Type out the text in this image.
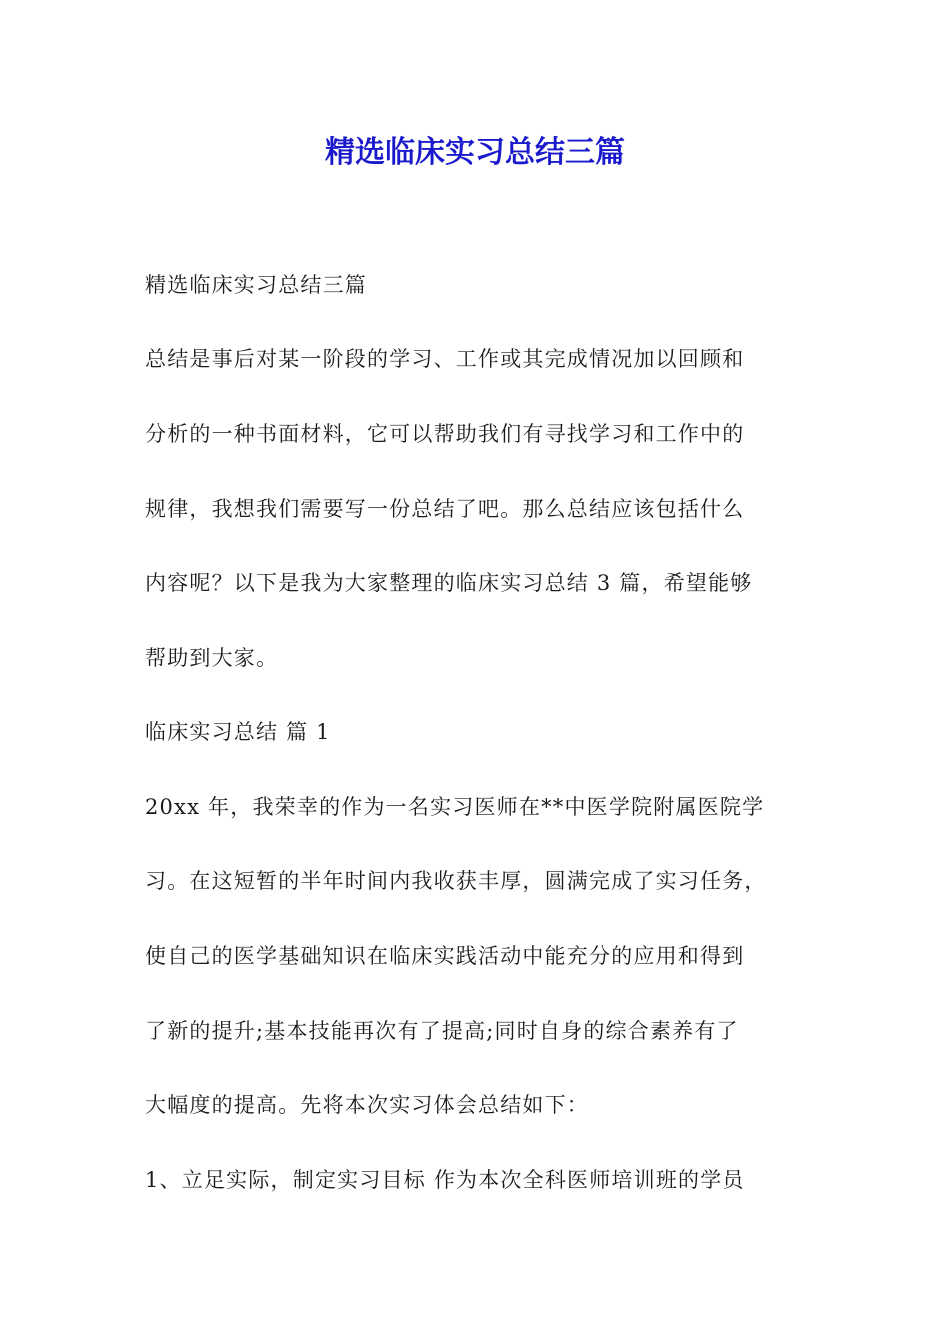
精选临床实习总结三篇
精选临床实习总结三篇
总结是事后对某一阶段的学习、工作或其完成情况加以回顾和
分析的一种书面材料，它可以帮助我们有寻找学习和工作中的
规律，我想我们需要写一份总结了吧。那么总结应该包括什么
内容呢？以下是我为大家整理的临床实习总结 3 篇，希望能够
帮助到大家。
临床实习总结 篇 1
20xx 年，我荣幸的作为一名实习医师在**中医学院附属医院学
习。在这短暂的半年时间内我收获丰厚，圆满完成了实习任务，
使自己的医学基础知识在临床实践活动中能充分的应用和得到
了新的提升;基本技能再次有了提高;同时自身的综合素养有了
大幅度的提高。先将本次实习体会总结如下：
1、立足实际，制定实习目标 作为本次全科医师培训班的学员
